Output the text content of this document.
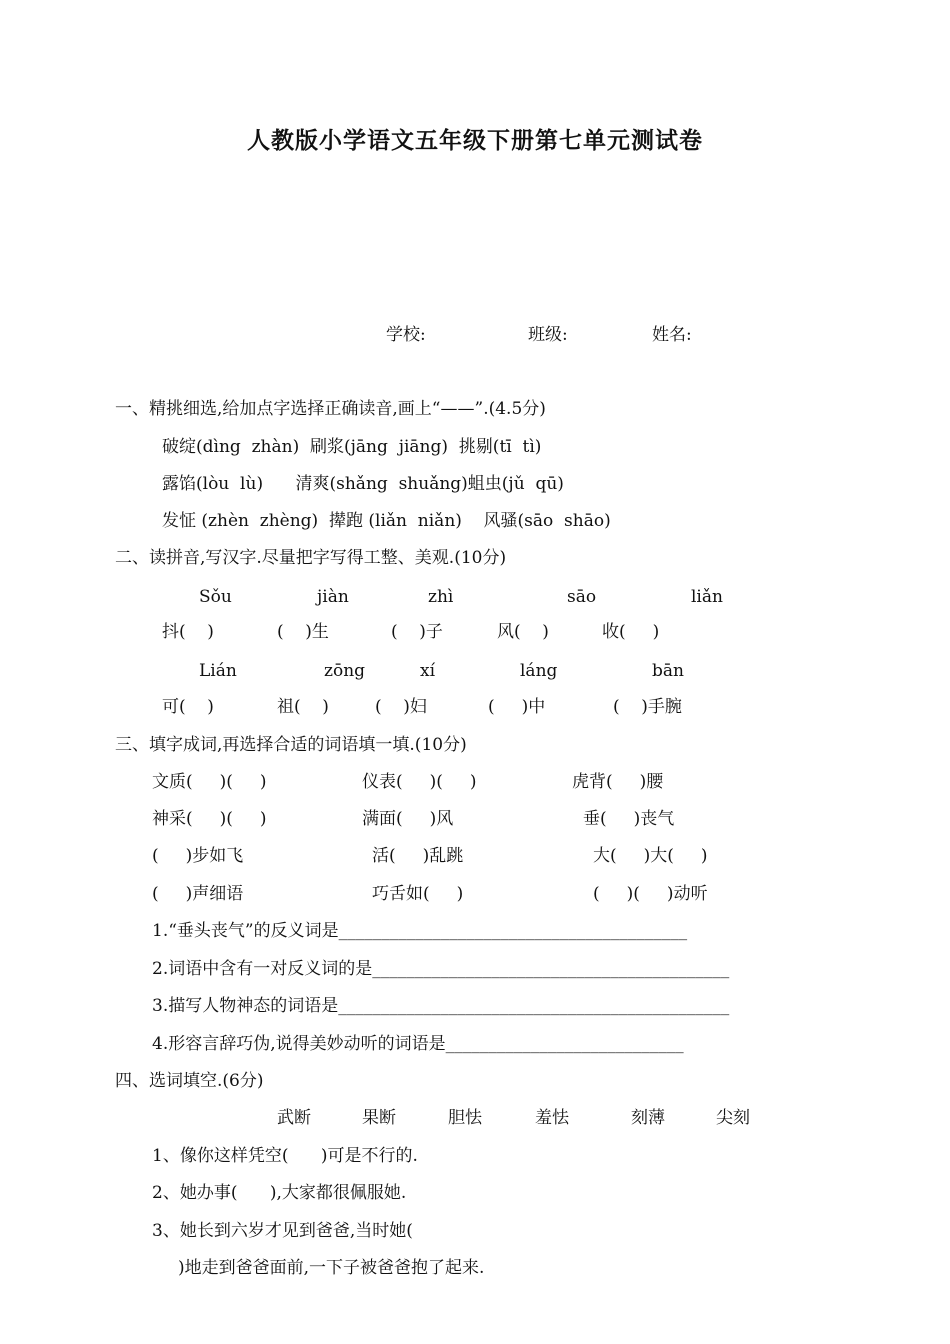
人教版小学语文五年级下册第七单元测试卷
学校:	班级:	姓名:
一、精挑细选,给加点字选择正确读音,画上“——”.(4.5分)
破绽(dìng  zhàn)  刷浆(jāng  jiāng)  挑剔(tī  tì)
露馅(lòu  lù)      清爽(shǎng  shuǎng)蛆虫(jǔ  qū)
发怔 (zhèn  zhèng)  撵跑 (liǎn  niǎn)    风骚(sāo  shāo)
二、读拼音,写汉字.尽量把字写得工整、美观.(10分)
Sǒu	jiàn	zhì	sāo	liǎn
抖(    )	(    )生	(    )子	风(    )	收(     )
Lián	zōng	xí	láng	bān
可(    )	祖(    )	(    )妇	(     )中	(    )手腕
三、填字成词,再选择合适的词语填一填.(10分)
文质(     )(     )	仪表(     )(     )	虎背(     )腰
神采(     )(     )	满面(     )风	垂(     )丧气
(     )步如飞	活(     )乱跳	大(     )大(     )
(     )声细语	巧舌如(     )	(     )(     )动听
1.“垂头丧气”的反义词是_________________________________________
2.词语中含有一对反义词的是__________________________________________
3.描写人物神态的词语是______________________________________________
4.形容言辞巧伪,说得美妙动听的词语是____________________________
四、选词填空.(6分)
武断	果断	胆怯	羞怯	刻薄	尖刻
1、像你这样凭空(      )可是不行的.
2、她办事(      ),大家都很佩服她.
3、她长到六岁才见到爸爸,当时她(
)地走到爸爸面前,一下子被爸爸抱了起来.
